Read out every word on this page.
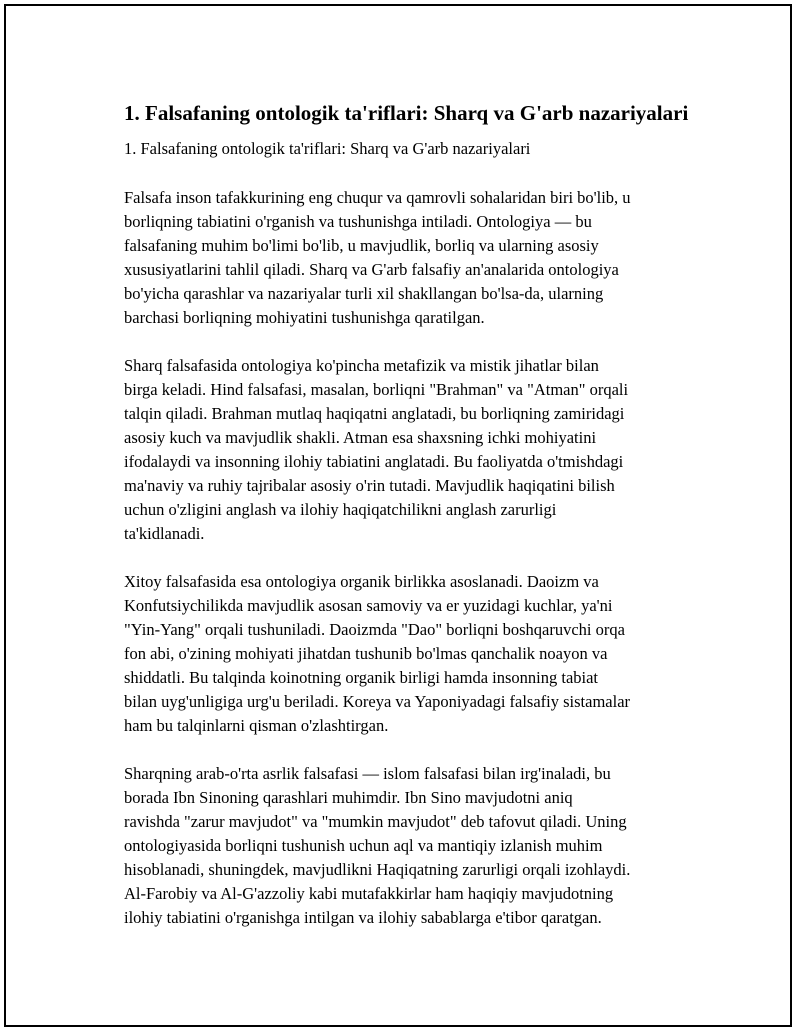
1. Falsafaning ontologik ta'riflari: Sharq va G'arb nazariyalari

1. Falsafaning ontologik ta'riflari: Sharq va G'arb nazariyalari

Falsafa inson tafakkurining eng chuqur va qamrovli sohalaridan biri bo'lib, u
borliqning tabiatini o'rganish va tushunishga intiladi. Ontologiya — bu
falsafaning muhim bo'limi bo'lib, u mavjudlik, borliq va ularning asosiy
xususiyatlarini tahlil qiladi. Sharq va G'arb falsafiy an'analarida ontologiya
bo'yicha qarashlar va nazariyalar turli xil shakllangan bo'lsa-da, ularning
barchasi borliqning mohiyatini tushunishga qaratilgan.

Sharq falsafasida ontologiya ko'pincha metafizik va mistik jihatlar bilan
birga keladi. Hind falsafasi, masalan, borliqni "Brahman" va "Atman" orqali
talqin qiladi. Brahman mutlaq haqiqatni anglatadi, bu borliqning zamiridagi
asosiy kuch va mavjudlik shakli. Atman esa shaxsning ichki mohiyatini
ifodalaydi va insonning ilohiy tabiatini anglatadi. Bu faoliyatda o'tmishdagi
ma'naviy va ruhiy tajribalar asosiy o'rin tutadi. Mavjudlik haqiqatini bilish
uchun o'zligini anglash va ilohiy haqiqatchilikni anglash zarurligi
ta'kidlanadi.

Xitoy falsafasida esa ontologiya organik birlikka asoslanadi. Daoizm va
Konfutsiychilikda mavjudlik asosan samoviy va er yuzidagi kuchlar, ya'ni
"Yin-Yang" orqali tushuniladi. Daoizmda "Dao" borliqni boshqaruvchi orqa
fon abi, o'zining mohiyati jihatdan tushunib bo'lmas qanchalik noayon va
shiddatli. Bu talqinda koinotning organik birligi hamda insonning tabiat
bilan uyg'unligiga urg'u beriladi. Koreya va Yaponiyadagi falsafiy sistamalar
ham bu talqinlarni qisman o'zlashtirgan.

Sharqning arab-o'rta asrlik falsafasi — islom falsafasi bilan irg'inaladi, bu
borada Ibn Sinoning qarashlari muhimdir. Ibn Sino mavjudotni aniq
ravishda "zarur mavjudot" va "mumkin mavjudot" deb tafovut qiladi. Uning
ontologiyasida borliqni tushunish uchun aql va mantiqiy izlanish muhim
hisoblanadi, shuningdek, mavjudlikni Haqiqatning zarurligi orqali izohlaydi.
Al-Farobiy va Al-G'azzoliy kabi mutafakkirlar ham haqiqiy mavjudotning
ilohiy tabiatini o'rganishga intilgan va ilohiy sabablarga e'tibor qaratgan.
